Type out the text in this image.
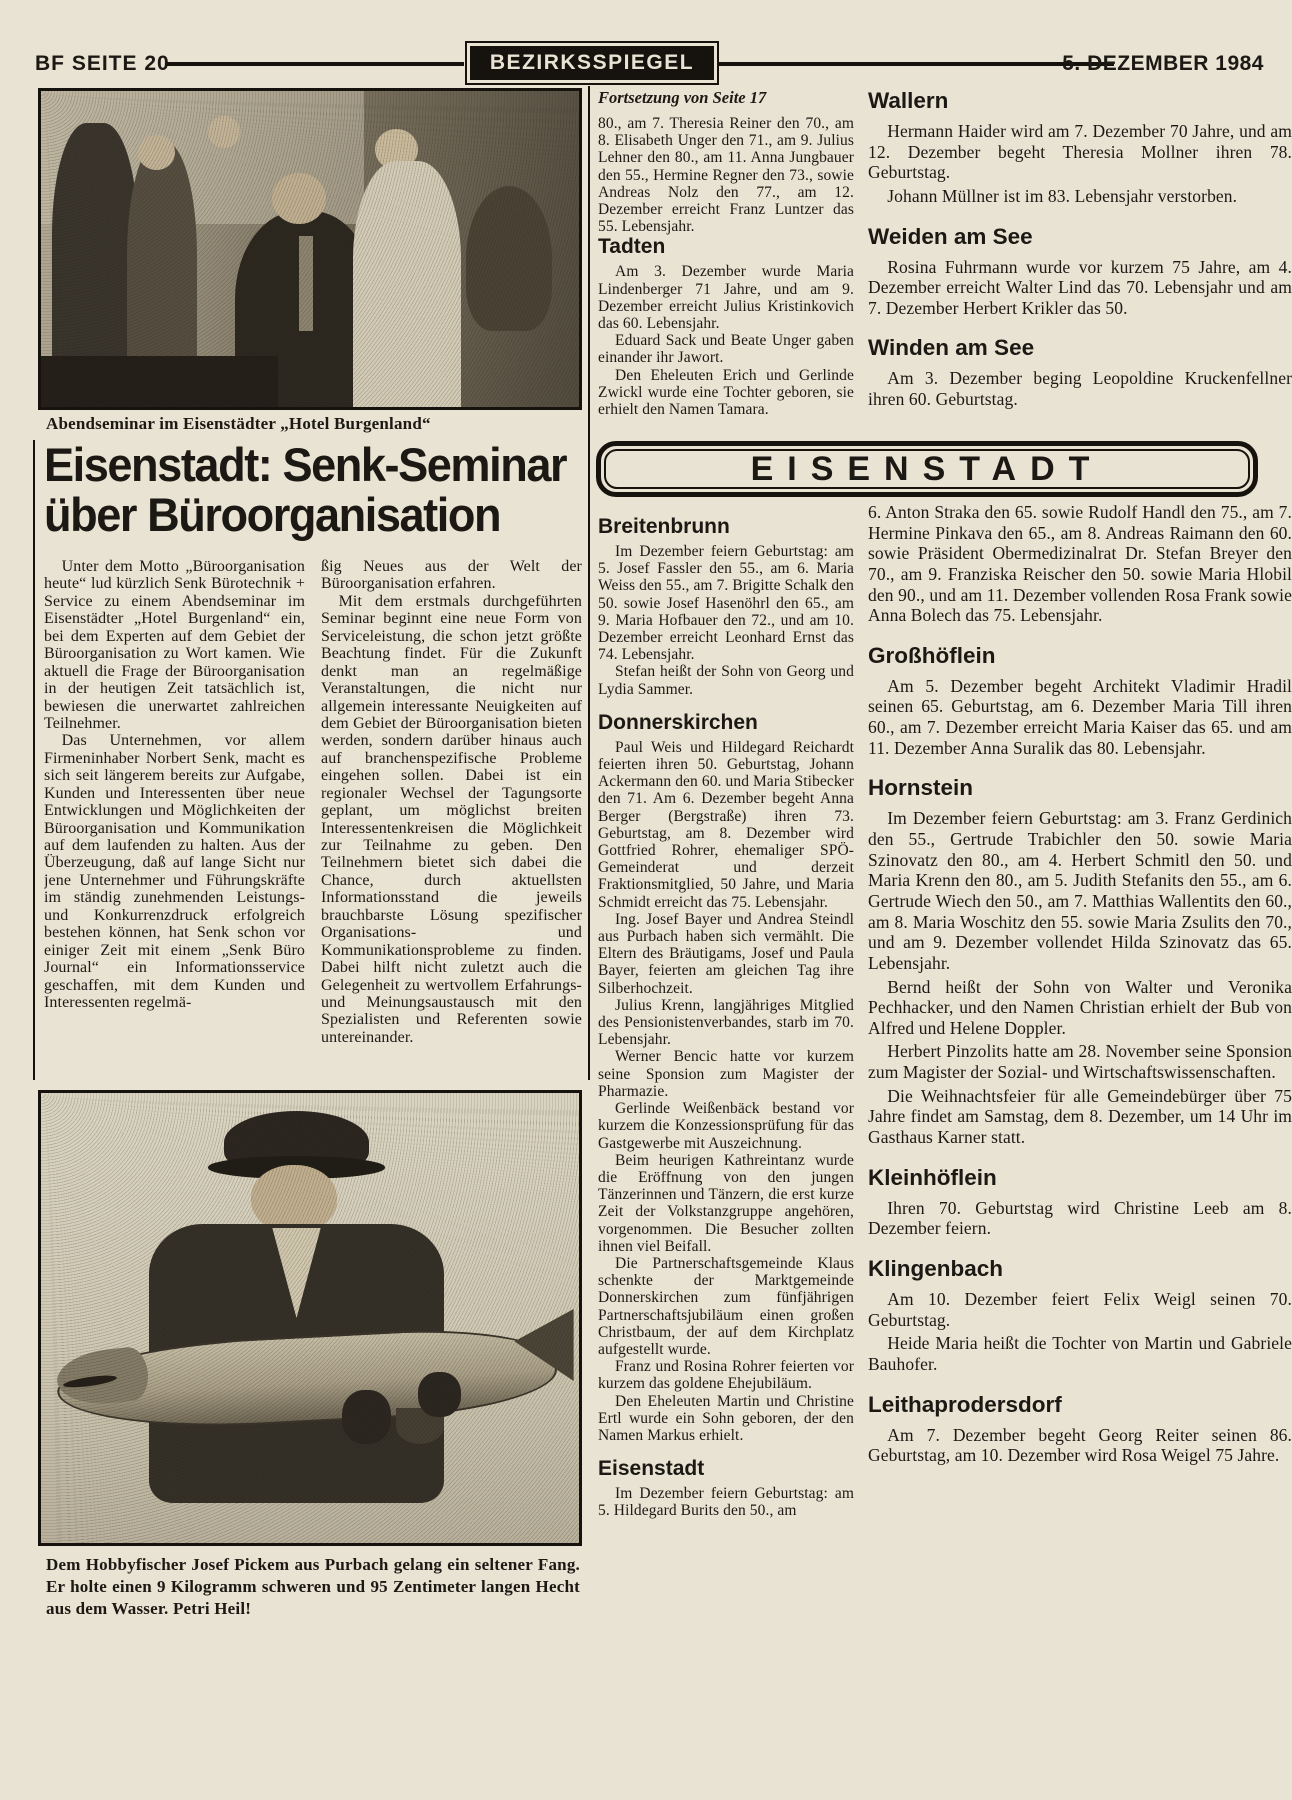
BF SEITE 20	BEZIRKSSPIEGEL	5. DEZEMBER 1984
Abendseminar im Eisenstädter „Hotel Burgenland“
Eisenstadt: Senk-Seminar
über Büroorganisation

Unter dem Motto „Büroorganisation heute“ lud kürzlich Senk Bürotechnik + Service zu einem Abendseminar im Eisenstädter „Hotel Burgenland“ ein, bei dem Experten auf dem Gebiet der Büroorganisation zu Wort kamen. Wie aktuell die Frage der Büroorganisation in der heutigen Zeit tatsächlich ist, bewiesen die unerwartet zahlreichen Teilnehmer.

Das Unternehmen, vor allem Firmeninhaber Norbert Senk, macht es sich seit längerem bereits zur Aufgabe, Kunden und Interessenten über neue Entwicklungen und Möglichkeiten der Büroorganisation und Kommunikation auf dem laufenden zu halten. Aus der Überzeugung, daß auf lange Sicht nur jene Unternehmer und Führungskräfte im ständig zunehmenden Leistungs- und Konkurrenzdruck erfolgreich bestehen können, hat Senk schon vor einiger Zeit mit einem „Senk Büro Journal“ ein Informationsservice geschaffen, mit dem Kunden und Interessenten regelmä-

ßig Neues aus der Welt der Büroorganisation erfahren.

Mit dem erstmals durchgeführten Seminar beginnt eine neue Form von Serviceleistung, die schon jetzt größte Beachtung findet. Für die Zukunft denkt man an regelmäßige Veranstaltungen, die nicht nur allgemein interessante Neuigkeiten auf dem Gebiet der Büroorganisation bieten werden, sondern darüber hinaus auch auf branchenspezifische Probleme eingehen sollen. Dabei ist ein regionaler Wechsel der Tagungsorte geplant, um möglichst breiten Interessentenkreisen die Möglichkeit zur Teilnahme zu geben. Den Teilnehmern bietet sich dabei die Chance, durch aktuellsten Informationsstand die jeweils brauchbarste Lösung spezifischer Organisations- und Kommunikationsprobleme zu finden. Dabei hilft nicht zuletzt auch die Gelegenheit zu wertvollem Erfahrungs- und Meinungsaustausch mit den Spezialisten und Referenten sowie untereinander.

Dem Hobbyfischer Josef Pickem aus Purbach gelang ein seltener Fang. Er holte einen 9 Kilogramm schweren und 95 Zentimeter langen Hecht aus dem Wasser. Petri Heil!

Fortsetzung von Seite 17

80., am 7. Theresia Reiner den 70., am 8. Elisabeth Unger den 71., am 9. Julius Lehner den 80., am 11. Anna Jungbauer den 55., Hermine Regner den 73., sowie Andreas Nolz den 77., am 12. Dezember erreicht Franz Luntzer das 55. Lebensjahr.

Tadten

Am 3. Dezember wurde Maria Lindenberger 71 Jahre, und am 9. Dezember erreicht Julius Kristinkovich das 60. Lebensjahr.

Eduard Sack und Beate Unger gaben einander ihr Jawort.

Den Eheleuten Erich und Gerlinde Zwickl wurde eine Tochter geboren, sie erhielt den Namen Tamara.

Wallern

Hermann Haider wird am 7. Dezember 70 Jahre, und am 12. Dezember begeht Theresia Mollner ihren 78. Geburtstag.

Johann Müllner ist im 83. Lebensjahr verstorben.

Weiden am See

Rosina Fuhrmann wurde vor kurzem 75 Jahre, am 4. Dezember erreicht Walter Lind das 70. Lebensjahr und am 7. Dezember Herbert Krikler das 50.

Winden am See

Am 3. Dezember beging Leopoldine Kruckenfellner ihren 60. Geburtstag.

EISENSTADT
Breitenbrunn

Im Dezember feiern Geburtstag: am 5. Josef Fassler den 55., am 6. Maria Weiss den 55., am 7. Brigitte Schalk den 50. sowie Josef Hasenöhrl den 65., am 9. Maria Hofbauer den 72., und am 10. Dezember erreicht Leonhard Ernst das 74. Lebensjahr.

Stefan heißt der Sohn von Georg und Lydia Sammer.

Donnerskirchen

Paul Weis und Hildegard Reichardt feierten ihren 50. Geburtstag, Johann Ackermann den 60. und Maria Stibecker den 71. Am 6. Dezember begeht Anna Berger (Bergstraße) ihren 73. Geburtstag, am 8. Dezember wird Gottfried Rohrer, ehemaliger SPÖ-Gemeinderat und derzeit Fraktionsmitglied, 50 Jahre, und Maria Schmidt erreicht das 75. Lebensjahr.

Ing. Josef Bayer und Andrea Steindl aus Purbach haben sich vermählt. Die Eltern des Bräutigams, Josef und Paula Bayer, feierten am gleichen Tag ihre Silberhochzeit.

Julius Krenn, langjähriges Mitglied des Pensionistenverbandes, starb im 70. Lebensjahr.

Werner Bencic hatte vor kurzem seine Sponsion zum Magister der Pharmazie.

Gerlinde Weißenbäck bestand vor kurzem die Konzessionsprüfung für das Gastgewerbe mit Auszeichnung.

Beim heurigen Kathreintanz wurde die Eröffnung von den jungen Tänzerinnen und Tänzern, die erst kurze Zeit der Volkstanzgruppe angehören, vorgenommen. Die Besucher zollten ihnen viel Beifall.

Die Partnerschaftsgemeinde Klaus schenkte der Marktgemeinde Donnerskirchen zum fünfjährigen Partnerschaftsjubiläum einen großen Christbaum, der auf dem Kirchplatz aufgestellt wurde.

Franz und Rosina Rohrer feierten vor kurzem das goldene Ehejubiläum.

Den Eheleuten Martin und Christine Ertl wurde ein Sohn geboren, der den Namen Markus erhielt.

Eisenstadt

Im Dezember feiern Geburtstag: am 5. Hildegard Burits den 50., am

6. Anton Straka den 65. sowie Rudolf Handl den 75., am 7. Hermine Pinkava den 65., am 8. Andreas Raimann den 60. sowie Präsident Obermedizinalrat Dr. Stefan Breyer den 70., am 9. Franziska Reischer den 50. sowie Maria Hlobil den 90., und am 11. Dezember vollenden Rosa Frank sowie Anna Bolech das 75. Lebensjahr.

Großhöflein

Am 5. Dezember begeht Architekt Vladimir Hradil seinen 65. Geburtstag, am 6. Dezember Maria Till ihren 60., am 7. Dezember erreicht Maria Kaiser das 65. und am 11. Dezember Anna Suralik das 80. Lebensjahr.

Hornstein

Im Dezember feiern Geburtstag: am 3. Franz Gerdinich den 55., Gertrude Trabichler den 50. sowie Maria Szinovatz den 80., am 4. Herbert Schmitl den 50. und Maria Krenn den 80., am 5. Judith Stefanits den 55., am 6. Gertrude Wiech den 50., am 7. Matthias Wallentits den 60., am 8. Maria Woschitz den 55. sowie Maria Zsulits den 70., und am 9. Dezember vollendet Hilda Szinovatz das 65. Lebensjahr.

Bernd heißt der Sohn von Walter und Veronika Pechhacker, und den Namen Christian erhielt der Bub von Alfred und Helene Doppler.

Herbert Pinzolits hatte am 28. November seine Sponsion zum Magister der Sozial- und Wirtschaftswissenschaften.

Die Weihnachtsfeier für alle Gemeindebürger über 75 Jahre findet am Samstag, dem 8. Dezember, um 14 Uhr im Gasthaus Karner statt.

Kleinhöflein

Ihren 70. Geburtstag wird Christine Leeb am 8. Dezember feiern.

Klingenbach

Am 10. Dezember feiert Felix Weigl seinen 70. Geburtstag.

Heide Maria heißt die Tochter von Martin und Gabriele Bauhofer.

Leithaprodersdorf

Am 7. Dezember begeht Georg Reiter seinen 86. Geburtstag, am 10. Dezember wird Rosa Weigel 75 Jahre.
